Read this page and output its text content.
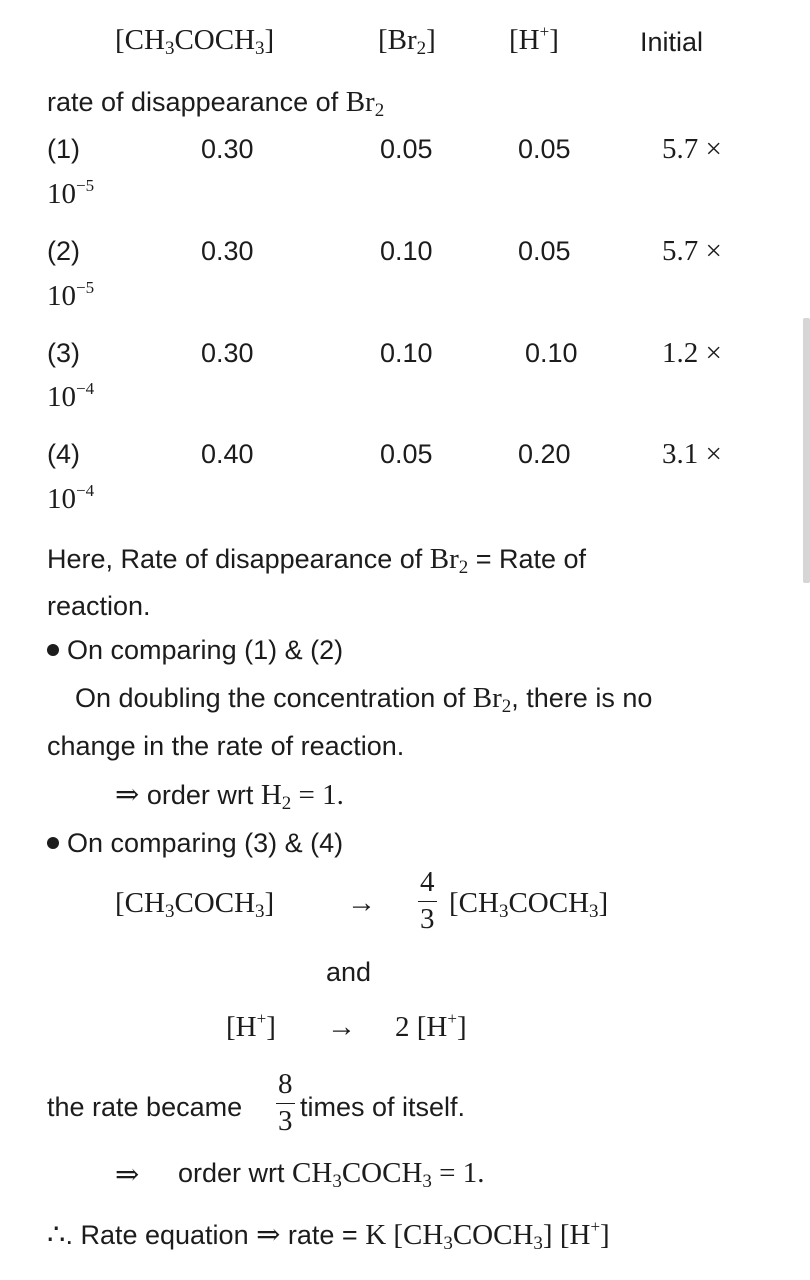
$[CH_3COCH_3]$	$[Br_2]$	[H+]	Initial
rate of disappearance of $Br_2$
(1)	0.30	0.05	0.05	5.7 ×
$10^{-5}$
(2)	0.30	0.10	0.05	5.7 ×
$10^{-5}$
(3)	0.30	0.10	0.10	1.2 ×
$10^{-4}$
(4)	0.40	0.05	0.20	3.1 ×
$10^{-4}$
Here, Rate of disappearance of $Br_2$ = Rate of
reaction.
On comparing (1) & (2)
On doubling the concentration of $Br_2$, there is no
change in the rate of reaction.
⇒ order wrt $H_2 = 1$.
On comparing (3) & (4)
$[CH_3COCH_3]$	→ $\frac{4}{3}$ $[CH_3COCH_3]$
and
[H+] → 2 [H+]
the rate became $\frac{8}{3}$ times of itself.
⇒ order wrt $CH_3COCH_3 = 1$.
∴. Rate equation ⇒ rate = K $[CH_3COCH_3]$ [H+]
